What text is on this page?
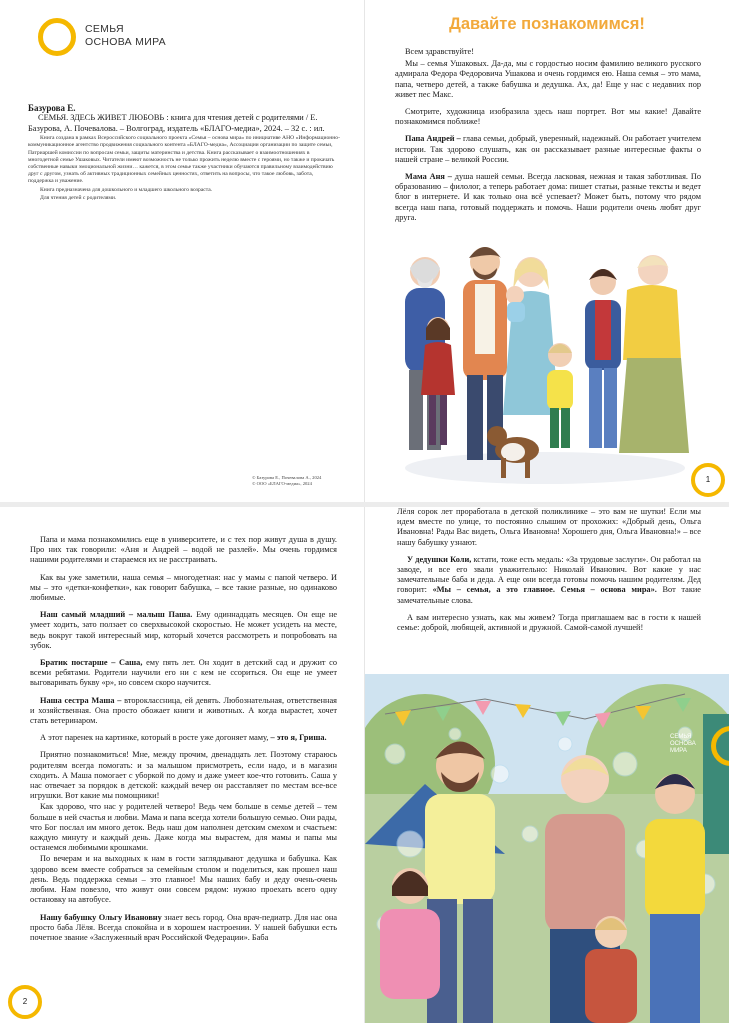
СЕМЬЯ
ОСНОВА МИРА
Базурова Е.
СЕМЬЯ. ЗДЕСЬ ЖИВЕТ ЛЮБОВЬ : книга для чтения детей с родителями / Е. Базурова, А. Почевалова. – Волгоград, издатель «БЛАГО-медиа», 2024. – 32 с. : ил.
Книга создана в рамках Всероссийского социального проекта «Семья – основа мира» по инициативе АНО «Информационно-коммуникационное агентство продвижения социального контента «БЛАГО-медиа», Ассоциации организации по защите семьи, Патриаршей комиссии по вопросам семьи, защиты материнства и детства. Книга рассказывает о взаимоотношениях в многодетной семье Ушаковых. Читатели имеют возможность не только прожить неделю вместе с героями, но также и прокачать собственные навыки эмоциональной жизни… кажется, в этом семье также участники обучаются правильному взаимодействию друг с другом, узнать об активных традиционных семейных ценностях, ответить на вопросы, что такое любовь, забота, поддержка и уважение.
Книга предназначена для дошкольного и младшего школьного возраста.
Для чтения детей с родителями.
© Базурова Е., Почевалова А., 2024
© ООО «БЛАГО-медиа», 2024
Давайте познакомимся!

Всем здравствуйте!

Мы – семья Ушаковых. Да-да, мы с гордостью носим фамилию великого русского адмирала Федора Федоровича Ушакова и очень гордимся ею. Наша семья – это мама, папа, четверо детей, а также бабушка и дедушка. Ах, да! Еще у нас с недавних пор живет пес Макс.

Смотрите, художница изобразила здесь наш портрет. Вот мы какие! Давайте познакомимся поближе!

Папа Андрей – глава семьи, добрый, уверенный, надежный. Он работает учителем истории. Так здорово слушать, как он рассказывает разные интересные факты о нашей стране – великой России.

Мама Аня – душа нашей семьи. Всегда ласковая, нежная и такая заботливая. По образованию – филолог, а теперь работает дома: пишет статьи, разные тексты и ведет блог в интернете. И как только она всё успевает? Может быть, потому что рядом всегда наш папа, готовый поддержать и помочь. Наши родители очень любят друг друга.

1

Папа и мама познакомились еще в университете, и с тех пор живут душа в душу. Про них так говорили: «Аня и Андрей – водой не разлей». Мы очень гордимся нашими родителями и стараемся их не расстраивать.

Как вы уже заметили, наша семья – многодетная: нас у мамы с папой четверо. И мы – это «детки-конфетки», как говорит бабушка, – все такие разные, но одинаково любимые.

Наш самый младший – малыш Паша. Ему одиннадцать месяцев. Он еще не умеет ходить, зато ползает со сверхвысокой скоростью. Не может усидеть на месте, ведь вокруг такой интересный мир, который хочется рассмотреть и попробовать на зубок.

Братик постарше – Саша, ему пять лет. Он ходит в детский сад и дружит со всеми ребятами. Родители научили его ни с кем не ссориться. Он еще не умеет выговаривать букву «р», но совсем скоро научится.

Наша сестра Маша – второклассница, ей девять. Любознательная, ответственная и хозяйственная. Она просто обожает книги и животных. А когда вырастет, хочет стать ветеринаром.

А этот паренек на картинке, который в росте уже догоняет маму, – это я, Гриша.

Приятно познакомиться! Мне, между прочим, двенадцать лет. Поэтому стараюсь родителям всегда помогать: и за малышом присмотреть, если надо, и в магазин сходить. А Маша помогает с уборкой по дому и даже умеет кое-что готовить. Саша у нас отвечает за порядок в детской: каждый вечер он расставляет по местам все-все игрушки. Вот какие мы помощники!

Как здорово, что нас у родителей четверо! Ведь чем больше в семье детей – тем больше в ней счастья и любви. Мама и папа всегда хотели большую семью. Они рады, что Бог послал им много деток. Ведь наш дом наполнен детским смехом и счастьем: каждую минуту и каждый день. Даже когда мы вырастем, для мамы и папы мы останемся любимыми крошками.

По вечерам и на выходных к нам в гости заглядывают дедушка и бабушка. Как здорово всем вместе собраться за семейным столом и поделиться, как прошел наш день. Ведь поддержка семьи – это главное! Мы наших бабу и деду очень-очень любим. Нам повезло, что живут они совсем рядом: нужно проехать всего одну остановку на автобусе.

Нашу бабушку Ольгу Ивановну знает весь город. Она врач-педиатр. Для нас она просто баба Лёля. Всегда спокойна и в хорошем настроении. У нашей бабушки есть почетное звание «Заслуженный врач Российской Федерации». Баба

2

Лёля сорок лет проработала в детской поликлинике – это вам не шутки! Если мы идем вместе по улице, то постоянно слышим от прохожих: «Добрый день, Ольга Ивановна! Рады Вас видеть, Ольга Ивановна! Хорошего дня, Ольга Ивановна!» – все нашу бабушку узнают.

У дедушки Коли, кстати, тоже есть медаль: «За трудовые заслуги». Он работал на заводе, и все его звали уважительно: Николай Иванович. Вот какие у нас замечательные баба и деда. А еще они всегда готовы помочь нашим родителям. Дед говорит: «Мы – семья, а это главное. Семья – основа мира». Вот такие замечательные слова.

А вам интересно узнать, как мы живем? Тогда приглашаем вас в гости к нашей семье: доброй, любящей, активной и дружной. Самой-самой лучшей!

СЕМЬЯ
ОСНОВА МИРА
